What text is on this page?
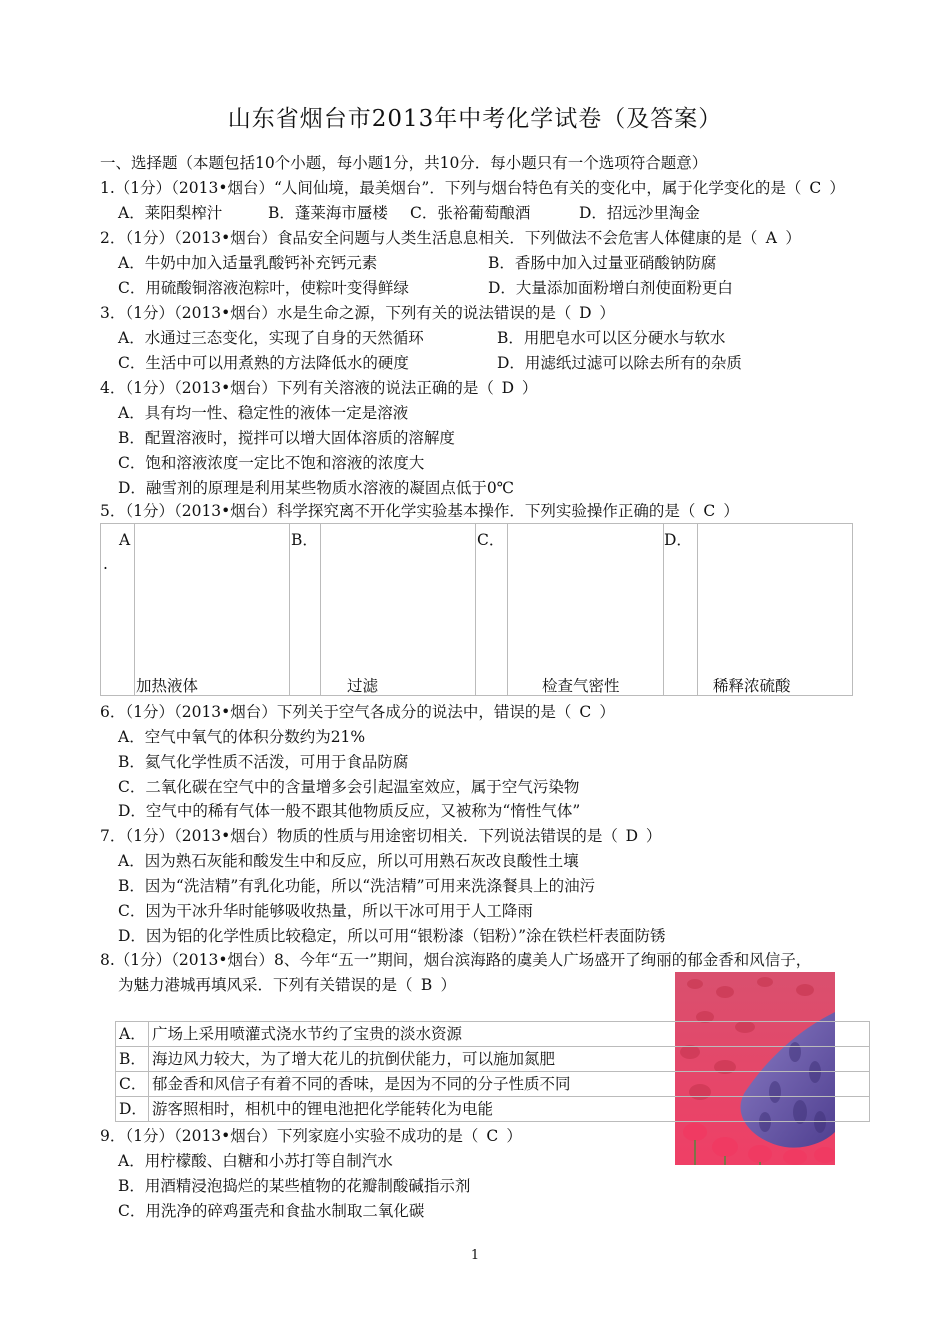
山东省烟台市2013年中考化学试卷（及答案）
一、选择题（本题包括10个小题，每小题1分，共10分．每小题只有一个选项符合题意）
1.（1分）（2013•烟台）“人间仙境，最美烟台”．下列与烟台特色有关的变化中，属于化学变化的是（ C ）
A．莱阳梨榨汁	B．蓬莱海市蜃楼 C．张裕葡萄酿酒	D．招远沙里淘金
2．（1分）（2013•烟台）食品安全问题与人类生活息息相关．下列做法不会危害人体健康的是（ A ）
A．牛奶中加入适量乳酸钙补充钙元素	B．香肠中加入过量亚硝酸钠防腐
C．用硫酸铜溶液泡粽叶，使粽叶变得鲜绿	D．大量添加面粉增白剂使面粉更白
3．（1分）（2013•烟台）水是生命之源，下列有关的说法错误的是（ D ）
A．水通过三态变化，实现了自身的天然循环	B．用肥皂水可以区分硬水与软水
C．生活中可以用煮熟的方法降低水的硬度	D．用滤纸过滤可以除去所有的杂质
4．（1分）（2013•烟台）下列有关溶液的说法正确的是（ D ）
A．具有均一性、稳定性的液体一定是溶液
B．配置溶液时，搅拌可以增大固体溶质的溶解度
C．饱和溶液浓度一定比不饱和溶液的浓度大
D．融雪剂的原理是利用某些物质水溶液的凝固点低于0℃
5．（1分）（2013•烟台）科学探究离不开化学实验基本操作．下列实验操作正确的是（ C ）
A
.
B．	C．	D．
加热液体	过滤	检查气密性	稀释浓硫酸
6．（1分）（2013•烟台）下列关于空气各成分的说法中，错误的是（ C ）
A．空气中氧气的体积分数约为21%
B．氦气化学性质不活泼，可用于食品防腐
C．二氧化碳在空气中的含量增多会引起温室效应，属于空气污染物
D．空气中的稀有气体一般不跟其他物质反应，又被称为“惰性气体”
7．（1分）（2013•烟台）物质的性质与用途密切相关．下列说法错误的是（ D ）
A．因为熟石灰能和酸发生中和反应，所以可用熟石灰改良酸性土壤
B．因为“洗洁精”有乳化功能，所以“洗洁精”可用来洗涤餐具上的油污
C．因为干冰升华时能够吸收热量，所以干冰可用于人工降雨
D．因为铝的化学性质比较稳定，所以可用“银粉漆（铝粉）”涂在铁栏杆表面防锈
8.（1分）（2013•烟台）8、今年“五一”期间，烟台滨海路的虞美人广场盛开了绚丽的郁金香和风信子，
为魅力港城再填风采．下列有关错误的是（ B ）
A． 广场上采用喷灌式浇水节约了宝贵的淡水资源
B． 海边风力较大，为了增大花儿的抗倒伏能力，可以施加氮肥
C． 郁金香和风信子有着不同的香味，是因为不同的分子性质不同
D． 游客照相时，相机中的锂电池把化学能转化为电能
9．（1分）（2013•烟台）下列家庭小实验不成功的是（ C ）
A．用柠檬酸、白糖和小苏打等自制汽水
B．用酒精浸泡捣烂的某些植物的花瓣制酸碱指示剂
C．用洗净的碎鸡蛋壳和食盐水制取二氧化碳
1
